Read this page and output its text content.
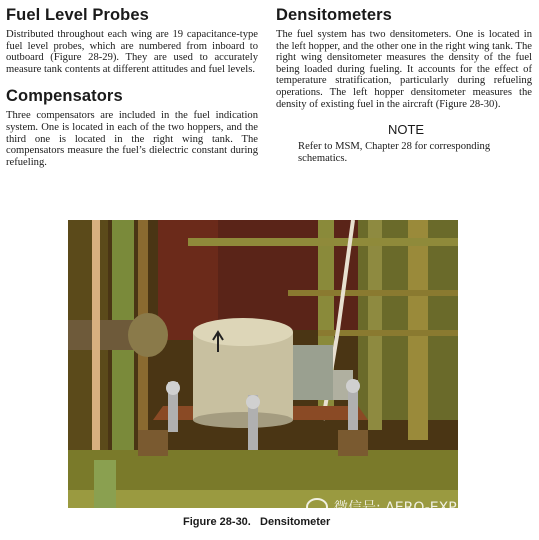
Fuel Level Probes

Distributed throughout each wing are 19 capacitance-type fuel level probes, which are numbered from inboard to outboard (Figure 28-29). They are used to accurately measure tank contents at different attitudes and fuel levels.

Compensators

Three compensators are included in the fuel indication system. One is located in each of the two hoppers, and the third one is located in the right wing tank. The compensators measure the fuel’s dielectric constant during refueling.

Densitometers

The fuel system has two densitometers. One is located in the left hopper, and the other one in the right wing tank. The right wing densitometer measures the density of the fuel being loaded during fueling. It accounts for the effect of temperature stratification, particularly during refueling operations. The left hopper densitometer measures the density of existing fuel in the aircraft (Figure 28-30).

NOTE

Refer to MSM, Chapter 28 for corresponding schematics.

微信号: AERO-EXPERT
Figure 28-30.   Densitometer
